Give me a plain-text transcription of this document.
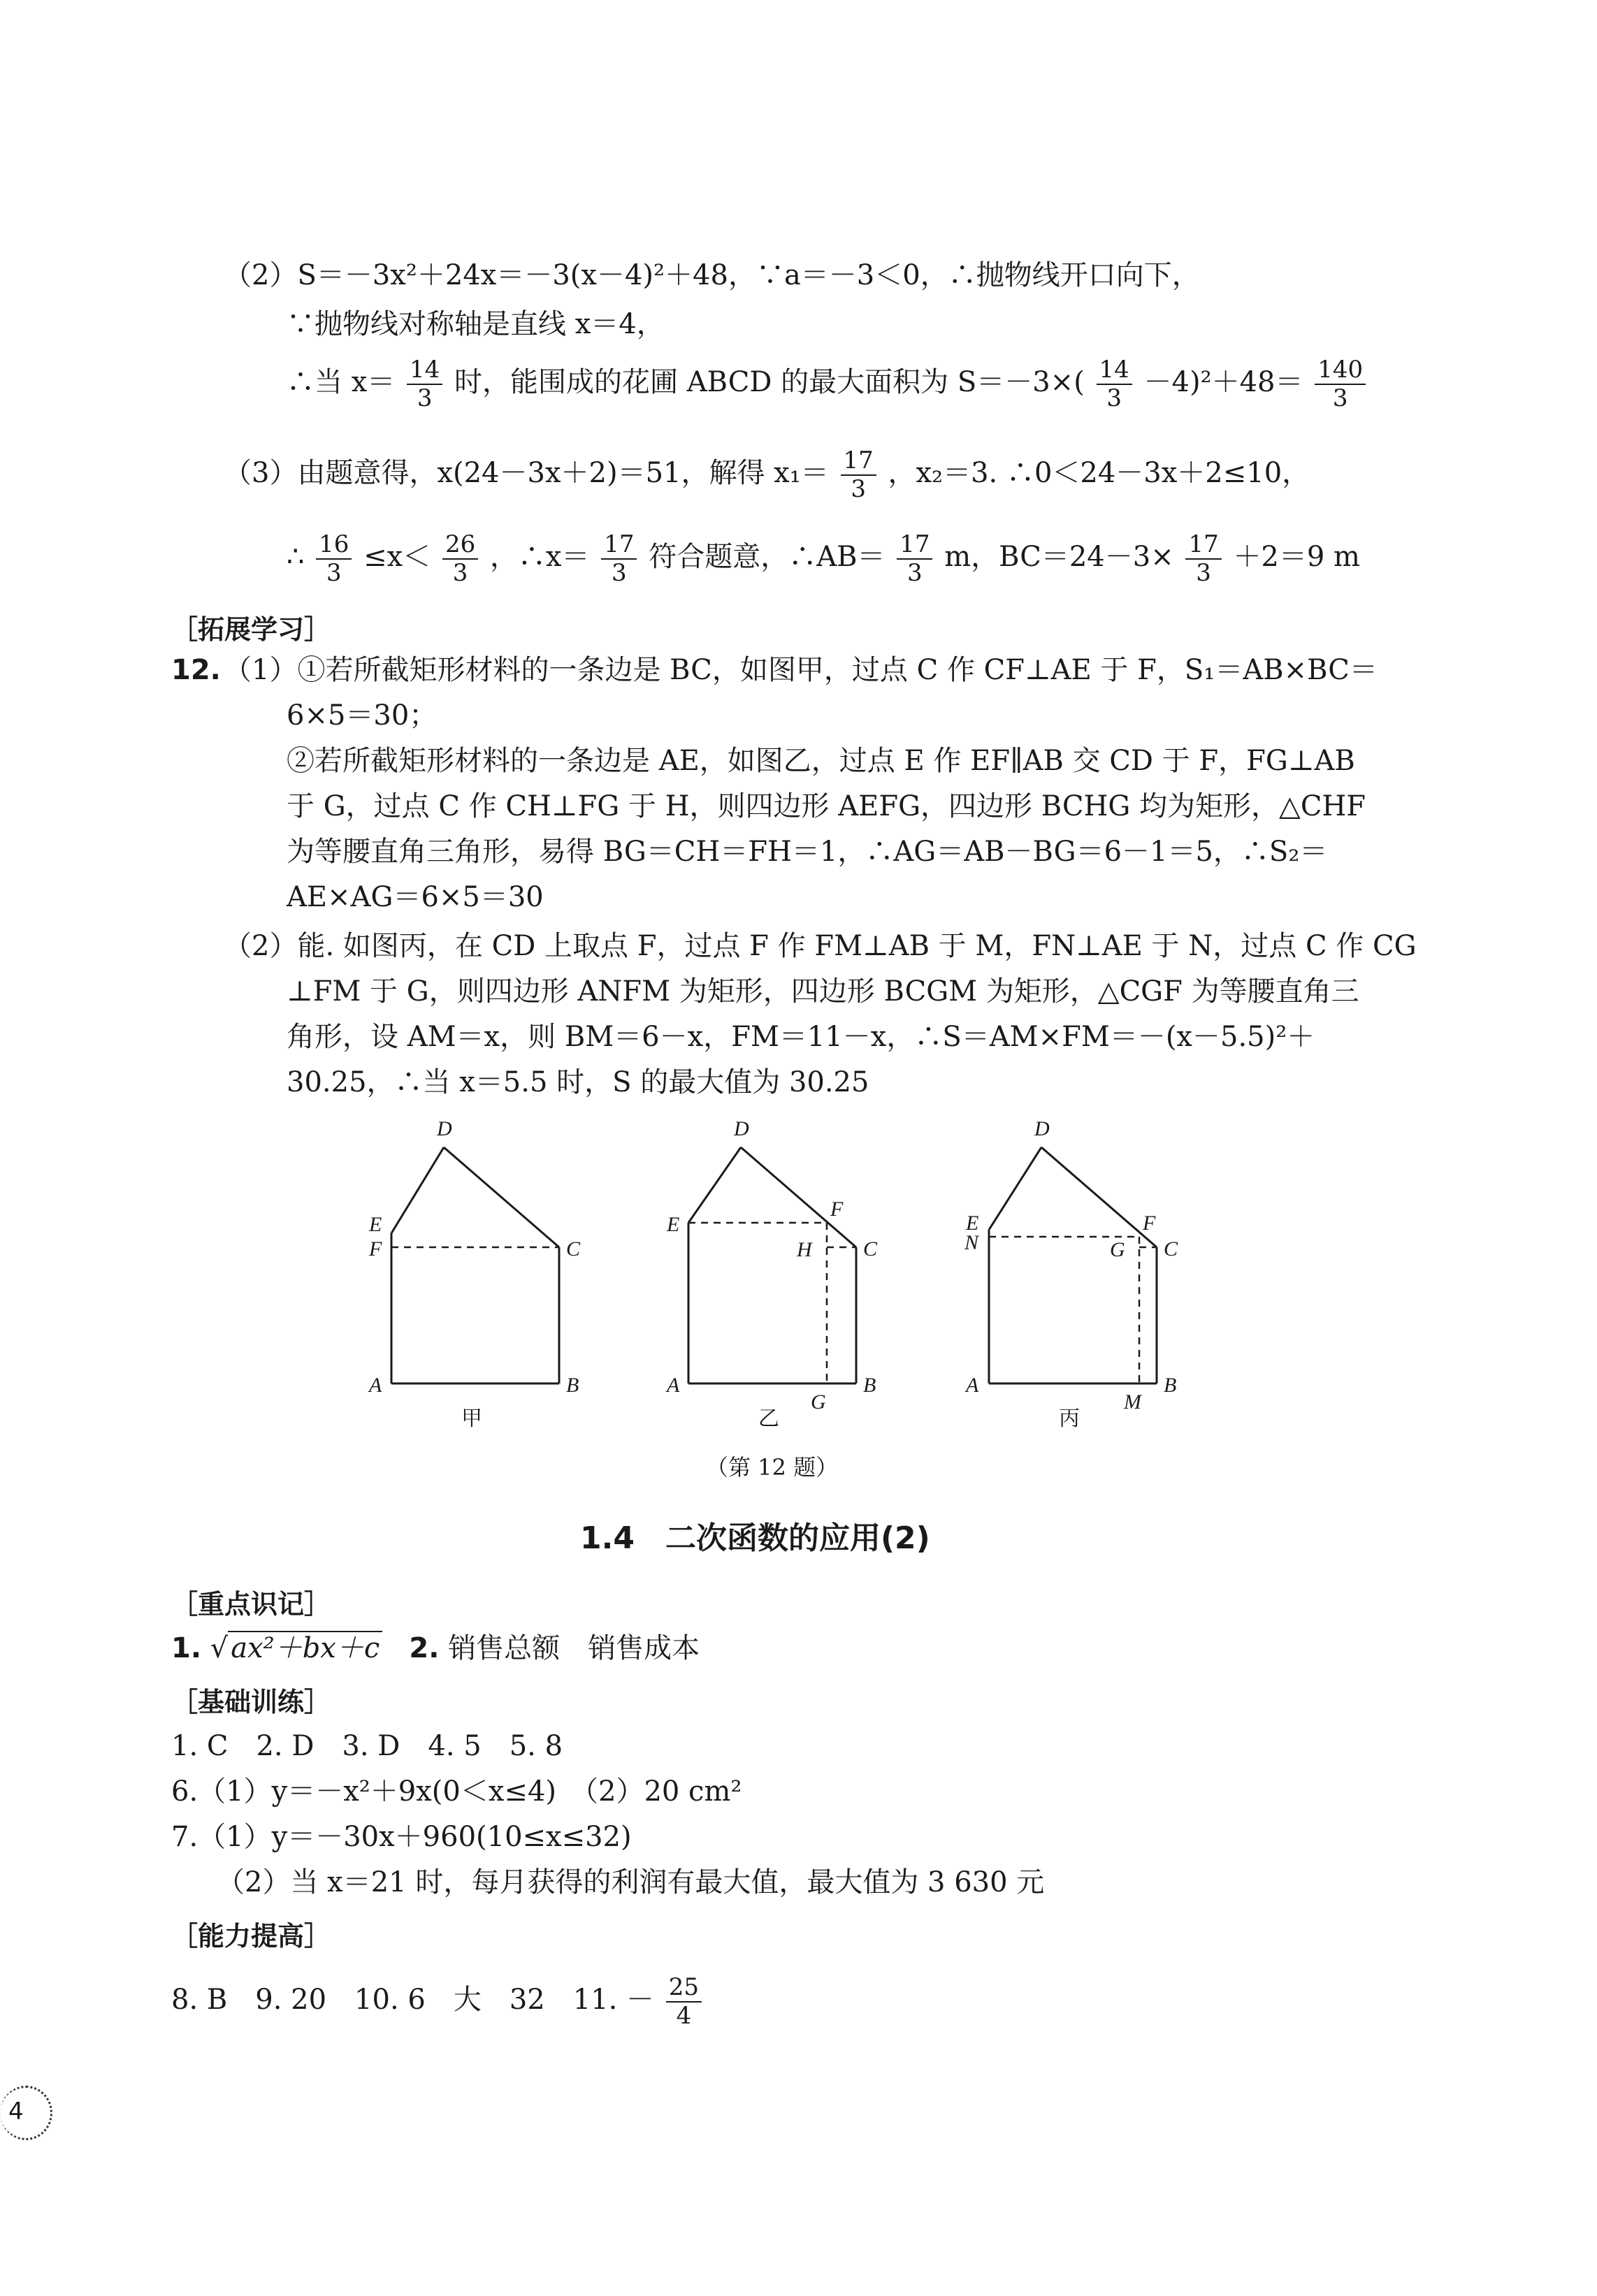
（2）S＝－3x²＋24x＝－3(x－4)²＋48，∵a＝－3＜0，∴抛物线开口向下，
∵抛物线对称轴是直线 x＝4，
∴当 $x= \frac{14}{3}$ 时，能围成的花圃 ABCD 的最大面积为 $S=-3\times( \frac{14}{3} -4)^2+48= \frac{140}{3}$
（3）由题意得，x(24－3x＋2)＝51，解得 $x_1= \frac{17}{3}$ ，x₂＝3. ∴0＜24－3x＋2≤10，
∴ $\frac{16}{3} \le x< \frac{26}{3}$ ，∴x＝ $\frac{17}{3}$ 符合题意，∴AB＝ $\frac{17}{3}$ m，$BC=24-3\times \frac{17}{3} +2=9$ m
［拓展学习］
12. （1）①若所截矩形材料的一条边是 BC，如图甲，过点 C 作 CF⊥AE 于 F，S₁＝AB×BC＝
6×5＝30；
②若所截矩形材料的一条边是 AE，如图乙，过点 E 作 EF∥AB 交 CD 于 F，FG⊥AB
于 G，过点 C 作 CH⊥FG 于 H，则四边形 AEFG，四边形 BCHG 均为矩形，△CHF
为等腰直角三角形，易得 BG＝CH＝FH＝1，∴AG＝AB－BG＝6－1＝5，∴S₂＝
AE×AG＝6×5＝30
（2）能. 如图丙，在 CD 上取点 F，过点 F 作 FM⊥AB 于 M，FN⊥AE 于 N，过点 C 作 CG
⊥FM 于 G，则四边形 ANFM 为矩形，四边形 BCGM 为矩形，△CGF 为等腰直角三
角形，设 AM＝x，则 BM＝6－x，FM＝11－x，∴S＝AM×FM＝－(x－5.5)²＋
30.25，∴当 x＝5.5 时，S 的最大值为 30.25
D
E
F	C
A	B
甲
D
E
F
H C
A
G
B
乙
D
E
N
F
G C
A
M
B
丙
（第 12 题）
1.4　二次函数的应用(2)
［重点识记］
1. √ ax²＋bx＋c 2. 销售总额　销售成本
［基础训练］
1. C　2. D　3. D　4. 5　5. 8
6.（1）y＝－x²＋9x(0＜x≤4)　（2）20 cm²
7.（1）y＝－30x＋960(10≤x≤32)
（2）当 x＝21 时，每月获得的利润有最大值，最大值为 3 630 元
［能力提高］
8. B　9. 20　10. 6　大　32　11. － $\frac{25}{4}$
4
